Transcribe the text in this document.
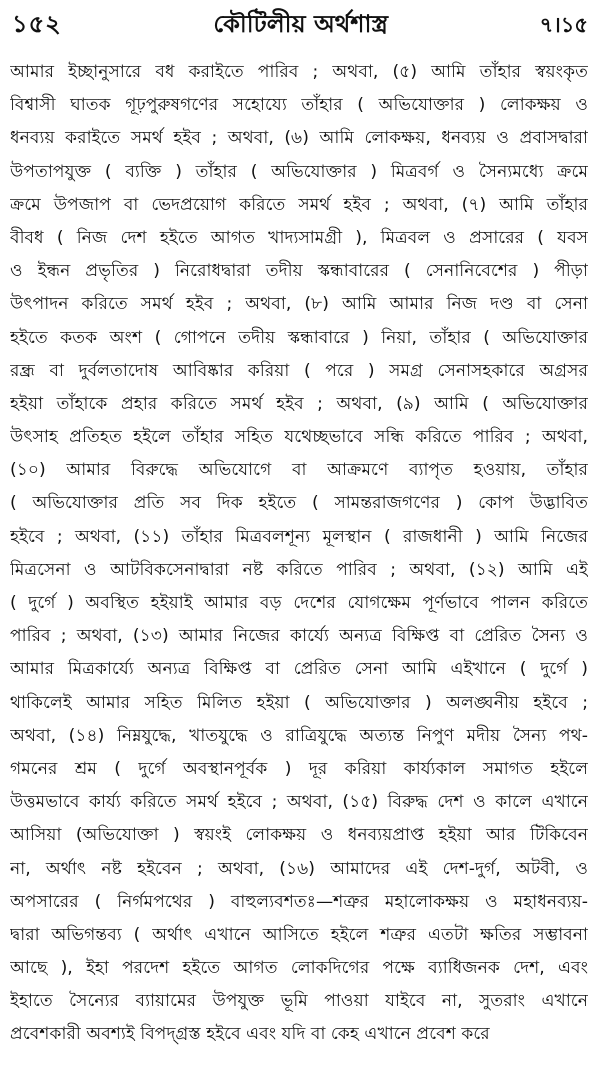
১৫২	কৌটিলীয় অর্থশাস্ত্র	৭।১৫
আমার ইচ্ছানুসারে বধ করাইতে পারিব ; অথবা, (৫) আমি তাঁহার স্বয়ংকৃত
বিশ্বাসী ঘাতক গূঢ়পুরুষগণের সহোয্যে তাঁহার ( অভিযোক্তার ) লোকক্ষয় ও
ধনব্যয় করাইতে সমর্থ হইব ; অথবা, (৬) আমি লোকক্ষয়, ধনব্যয় ও প্রবাসদ্বারা
উপতাপযুক্ত ( ব্যক্তি ) তাঁহার ( অভিযোক্তার ) মিত্রবর্গ ও সৈন্যমধ্যে ক্রমে
ক্রমে উপজাপ বা ভেদপ্রয়োগ করিতে সমর্থ হইব ; অথবা, (৭) আমি তাঁহার
বীবধ ( নিজ দেশ হইতে আগত খাদ্যসামগ্রী ), মিত্রবল ও প্রসারের ( যবস
ও ইন্ধন প্রভৃতির ) নিরোধদ্বারা তদীয় স্কন্ধাবারের ( সেনানিবেশের ) পীড়া
উৎপাদন করিতে সমর্থ হইব ; অথবা, (৮) আমি আমার নিজ দণ্ড বা সেনা
হইতে কতক অংশ ( গোপনে তদীয় স্কন্ধাবারে ) নিয়া, তাঁহার ( অভিযোক্তার
রন্ধ্র বা দুর্বলতাদোষ আবিষ্কার করিয়া ( পরে ) সমগ্র সেনাসহকারে অগ্রসর
হইয়া তাঁহাকে প্রহার করিতে সমর্থ হইব ; অথবা, (৯) আমি ( অভিযোক্তার
উৎসাহ প্রতিহত হইলে তাঁহার সহিত যথেচ্ছভাবে সন্ধি করিতে পারিব ; অথবা,
(১০) আমার বিরুদ্ধে অভিযোগে বা আক্রমণে ব্যাপৃত হওয়ায়, তাঁহার
( অভিযোক্তার প্রতি সব দিক হইতে ( সামন্তরাজগণের ) কোপ উদ্ভাবিত
হইবে ; অথবা, (১১) তাঁহার মিত্রবলশূন্য মূলস্থান ( রাজধানী ) আমি নিজের
মিত্রসেনা ও আটবিকসেনাদ্বারা নষ্ট করিতে পারিব ; অথবা, (১২) আমি এই
( দুর্গে ) অবস্থিত হইয়াই আমার বড় দেশের যোগক্ষেম পূর্ণভাবে পালন করিতে
পারিব ; অথবা, (১৩) আমার নিজের কার্য্যে অন্যত্র বিক্ষিপ্ত বা প্রেরিত সৈন্য ও
আমার মিত্রকার্য্যে অন্যত্র বিক্ষিপ্ত বা প্রেরিত সেনা আমি এইখানে ( দুর্গে )
থাকিলেই আমার সহিত মিলিত হইয়া ( অভিযোক্তার ) অলঙ্ঘনীয় হইবে ;
অথবা, (১৪) নিম্নযুদ্ধে, খাতযুদ্ধে ও রাত্রিযুদ্ধে অত্যন্ত নিপুণ মদীয় সৈন্য পথ-
গমনের শ্রম ( দুর্গে অবস্থানপূর্বক ) দূর করিয়া কার্য্যকাল সমাগত হইলে
উত্তমভাবে কার্য্য করিতে সমর্থ হইবে ; অথবা, (১৫) বিরুদ্ধ দেশ ও কালে এখানে
আসিয়া (অভিযোক্তা ) স্বয়ংই লোকক্ষয় ও ধনব্যয়প্রাপ্ত হইয়া আর টিকিবেন
না, অর্থাৎ নষ্ট হইবেন ; অথবা, (১৬) আমাদের এই দেশ-দুর্গ, অটবী, ও
অপসারের ( নির্গমপথের ) বাহুল্যবশতঃ—শত্রুর মহালোকক্ষয় ও মহাধনব্যয়-
দ্বারা অভিগন্তব্য ( অর্থাৎ এখানে আসিতে হইলে শত্রুর এতটা ক্ষতির সম্ভাবনা
আছে ), ইহা পরদেশ হইতে আগত লোকদিগের পক্ষে ব্যাধিজনক দেশ, এবং
ইহাতে সৈন্যের ব্যায়ামের উপযুক্ত ভূমি পাওয়া যাইবে না, সুতরাং এখানে
প্রবেশকারী অবশ্যই বিপদ্‌গ্রস্ত হইবে এবং যদি বা কেহ এখানে প্রবেশ করে
